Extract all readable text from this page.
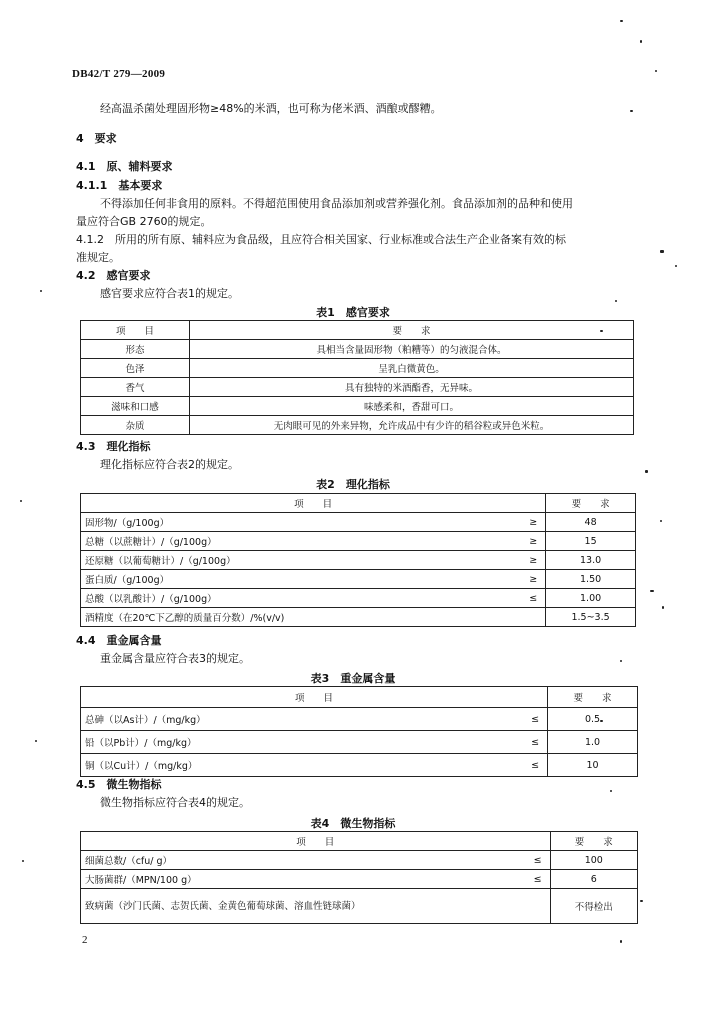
DB42/T 279—2009
经高温杀菌处理固形物≥48%的米酒，也可称为佬米酒、酒酿或醪糟。
4　要求
4.1　原、辅料要求
4.1.1　基本要求
不得添加任何非食用的原料。不得超范围使用食品添加剂或营养强化剂。食品添加剂的品种和使用
量应符合GB 2760的规定。
4.1.2　所用的所有原、辅料应为食品级，且应符合相关国家、行业标准或合法生产企业备案有效的标
准规定。
4.2　感官要求
感官要求应符合表1的规定。
表1　感官要求
项　　目	要　　求
形态	具相当含量固形物（粕糟等）的匀液混合体。
色泽	呈乳白微黄色。
香气	具有独特的米酒酯香，无异味。
滋味和口感	味感柔和，香甜可口。
杂质	无肉眼可见的外来异物，允许成品中有少许的稻谷粒或异色米粒。
4.3　理化指标
理化指标应符合表2的规定。
表2　理化指标
项　　目		要　　求
固形物/（g/100g）	≥	48
总糖（以蔗糖计）/（g/100g）	≥	15
还原糖（以葡萄糖计）/（g/100g）	≥	13.0
蛋白质/（g/100g）	≥	1.50
总酸（以乳酸计）/（g/100g）	≤	1.00
酒精度（在20℃下乙醇的质量百分数）/%(v/v)		1.5~3.5
4.4　重金属含量
重金属含量应符合表3的规定。
表3　重金属含量
项　　目		要　　求
总砷（以As计）/（mg/kg）	≤	0.5
铅（以Pb计）/（mg/kg）	≤	1.0
铜（以Cu计）/（mg/kg）	≤	10
4.5　微生物指标
微生物指标应符合表4的规定。
表4　微生物指标
项　　目		要　　求
细菌总数/（cfu/ g）	≤	100
大肠菌群/（MPN/100 g）	≤	6
致病菌（沙门氏菌、志贺氏菌、金黄色葡萄球菌、溶血性链球菌）		不得检出
2
